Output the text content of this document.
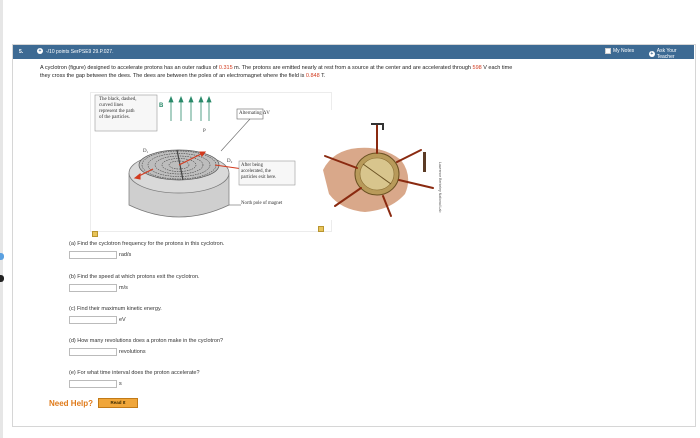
5.	+ -/10 points SerPSE9 29.P.027.	My Notes	+ Ask Your Teacher
A cyclotron (figure) designed to accelerate protons has an outer radius of 0.315 m. The protons are emitted nearly at rest from a source at the center and are accelerated through 598 V each time
they cross the gap between the dees. The dees are between the poles of an electromagnet where the field is 0.848 T.
The black, dashed,
curved lines
represent the path
of the particles.
B
Alternating ΔV
P
D₁
D₂
After being
accelerated, the
particles exit here.
North pole of magnet	Lawrence Berkeley National Lab
(a) Find the cyclotron frequency for the protons in this cyclotron.
rad/s
(b) Find the speed at which protons exit the cyclotron.
m/s
(c) Find their maximum kinetic energy.
eV
(d) How many revolutions does a proton make in the cyclotron?
revolutions
(e) For what time interval does the proton accelerate?
s
Need Help?	Read It
